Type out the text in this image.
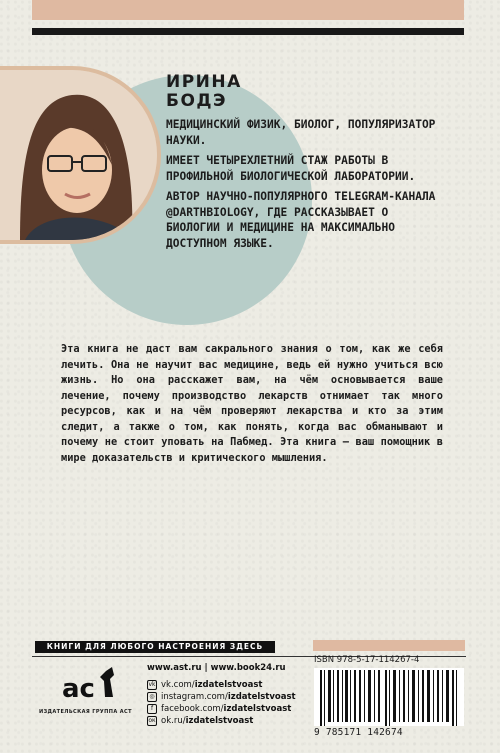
ИРИНА
БОДЭ

МЕДИЦИНСКИЙ ФИЗИК, БИОЛОГ, ПОПУЛЯРИЗАТОР НАУКИ.

ИМЕЕТ ЧЕТЫРЕХЛЕТНИЙ СТАЖ РАБОТЫ В ПРОФИЛЬНОЙ БИОЛОГИЧЕСКОЙ ЛАБОРАТОРИИ.

АВТОР НАУЧНО-ПОПУЛЯРНОГО TELEGRAM-КАНАЛА @DARTHBIOLOGY, ГДЕ РАССКАЗЫВАЕТ О БИОЛОГИИ И МЕДИЦИНЕ НА МАКСИМАЛЬНО ДОСТУПНОМ ЯЗЫКЕ.

Эта книга не даст вам сакрального знания о том, как же себя лечить. Она не научит вас медицине, ведь ей нужно учиться всю жизнь. Но она расскажет вам, на чём основывается ваше лечение, почему производство лекарств отнимает так много ресурсов, как и на чём проверяют лекарства и кто за этим следит, а также о том, как понять, когда вас обманывают и почему не стоит уповать на Пабмед. Эта книга — ваш помощник в мире доказательств и критического мышления.

КНИГИ ДЛЯ ЛЮБОГО НАСТРОЕНИЯ ЗДЕСЬ
ac
ИЗДАТЕЛЬСКАЯ ГРУППА АСТ
www.ast.ru | www.book24.ru
vk vk.com/ izdatelstvoast
◎ instagram.com/ izdatelstvoast
f facebook.com/ izdatelstvoast
ок ok.ru/ izdatelstvoast
ISBN 978-5-17-114267-4
9 785171 142674
